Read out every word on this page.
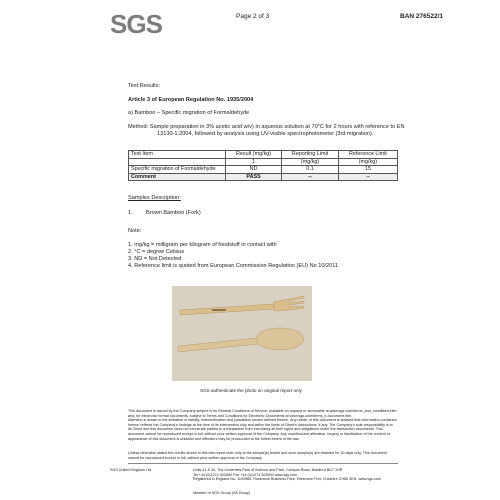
SGS	Page 2 of 3	BAN 276522/1
Test Results:
Article 3 of European Regulation No. 1935/2004
a) Bamboo – Specific migration of Formaldehyde
Method: Sample preparation in 3% acetic acid w/v) in aqueous solution at 70°C for 2 hours with reference to EN
13130-1:2004, followed by analysis using UV-visible spectrophotometer (3rd migration).
Test Item	Result (mg/kg)	Reporting Limit	Reference Limit
	1	(mg/kg)	(mg/kg)
Specific migration of Formaldehyde	ND	0.1	15
Comment	PASS	--	--
Samples Description:
1. Brown Bamboo (Fork)
Note:
1. mg/kg = milligram per kilogram of foodstuff in contact with
2. °C = degree Celsius
3. ND = Not Detected
4. Reference limit is quoted from European Commission Regulation (EU) No 10/2011
SGS authenticate the photo on original report only
This document is issued by the Company subject to its General Conditions of Service, available on request or accessible at www.sgs.com/terms_and_conditions.htm
and, for electronic format documents, subject to Terms and Conditions for Electronic Documents at www.sgs.com/terms_e-document.htm.
Attention is drawn to the limitation of liability, indemnification and jurisdiction issues defined therein. Any holder of this document is advised that information contained
hereon reflects the Company's findings at the time of its intervention only and within the limits of Client's instructions, if any. The Company's sole responsibility is to
its Client and this document does not exonerate parties to a transaction from exercising all their rights and obligations under the transaction documents. This
document cannot be reproduced except in full, without prior written approval of the Company. Any unauthorized alteration, forgery or falsification of the content or
appearance of this document is unlawful and offenders may be prosecuted to the fullest extent of the law.
Unless otherwise stated the results shown in this test report refer only to the sample(s) tested and such sample(s) are retained for 30 days only. This document
cannot be reproduced except in full, without prior written approval of the Company.
SGS United Kingdom Ltd	Units 41 & 43, The Lindenfels Park of Science and Park, Campus Road, Bradford BD7 1HR
Tel +44 (0)1274 303080 Fax +44 (0)1274 303909 www.sgs.com
Registered in England No. 1193985. Rossmore Business Park, Ellesmere Port, Cheshire CH65 3EN. www.sgs.com
Member of SGS Group (SA Group)
